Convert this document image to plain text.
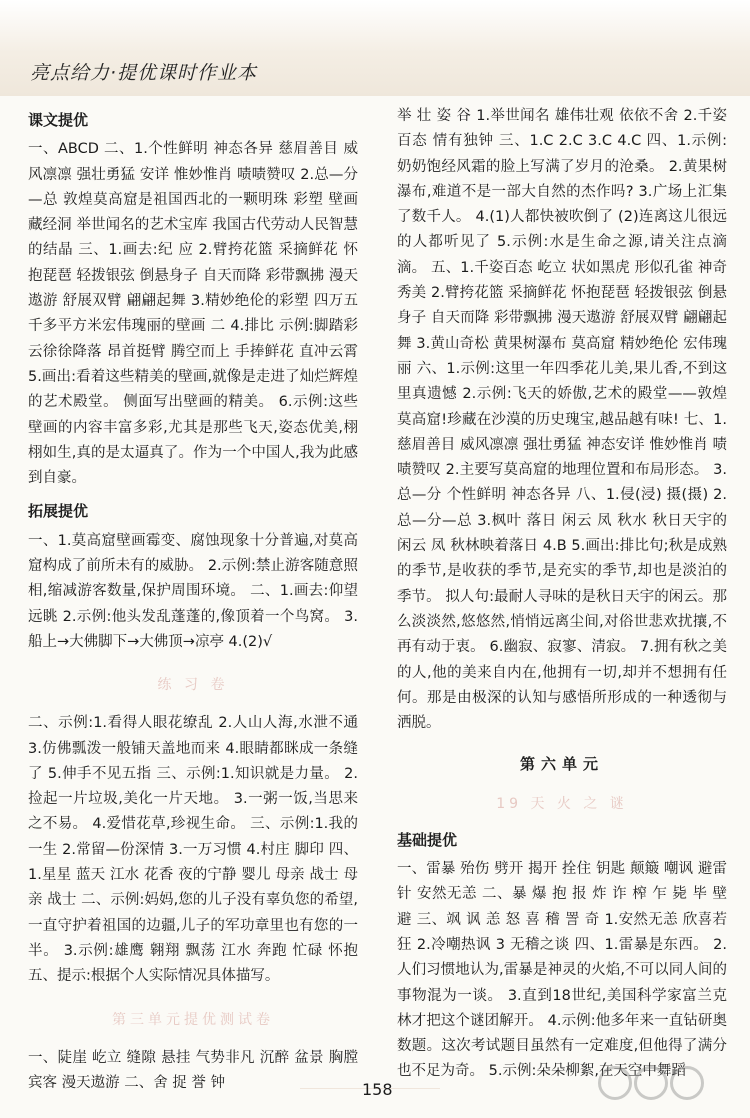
亮点给力·提优课时作业本
课文提优

一、ABCD 二、1.个性鲜明 神态各异 慈眉善目 威风凛凛 强壮勇猛 安详 惟妙惟肖 啧啧赞叹 2.总—分—总 敦煌莫高窟是祖国西北的一颗明珠 彩塑 壁画 藏经洞 举世闻名的艺术宝库 我国古代劳动人民智慧的结晶 三、1.画去:纪 应 2.臂挎花篮 采摘鲜花 怀抱琵琶 轻拨银弦 倒悬身子 自天而降 彩带飘拂 漫天遨游 舒展双臂 翩翩起舞 3.精妙绝伦的彩塑 四万五千多平方米宏伟瑰丽的壁画 二 4.排比 示例:脚踏彩云徐徐降落 昂首挺臂 腾空而上 手捧鲜花 直冲云霄 5.画出:看着这些精美的壁画,就像是走进了灿烂辉煌的艺术殿堂。 侧面写出壁画的精美。 6.示例:这些壁画的内容丰富多彩,尤其是那些飞天,姿态优美,栩栩如生,真的是太逼真了。作为一个中国人,我为此感到自豪。

拓展提优

一、1.莫高窟壁画霉变、腐蚀现象十分普遍,对莫高窟构成了前所未有的威胁。 2.示例:禁止游客随意照相,缩减游客数量,保护周围环境。 二、1.画去:仰望 远眺 2.示例:他头发乱蓬蓬的,像顶着一个鸟窝。 3.船上→大佛脚下→大佛顶→凉亭 4.(2)√

练 习 卷

二、示例:1.看得人眼花缭乱 2.人山人海,水泄不通 3.仿佛瓢泼一般铺天盖地而来 4.眼睛都眯成一条缝了 5.伸手不见五指 三、示例:1.知识就是力量。 2.捡起一片垃圾,美化一片天地。 3.一粥一饭,当思来之不易。 4.爱惜花草,珍视生命。 三、示例:1.我的一生 2.常留—份深情 3.一万习惯 4.村庄 脚印 四、1.星星 蓝天 江水 花香 夜的宁静 婴儿 母亲 战士 母亲 战士 二、示例:妈妈,您的儿子没有辜负您的希望,一直守护着祖国的边疆,儿子的军功章里也有您的一半。 3.示例:雄鹰 翱翔 飘荡 江水 奔跑 忙碌 怀抱 五、提示:根据个人实际情况具体描写。

第三单元提优测试卷

一、陡崖 屹立 缝隙 悬挂 气势非凡 沉醉 盆景 胸膛 宾客 漫天遨游 二、舍 捉 誉 钟

举 壮 姿 谷 1.举世闻名 雄伟壮观 依依不舍 2.千姿百态 情有独钟 三、1.C 2.C 3.C 4.C 四、1.示例:奶奶饱经风霜的脸上写满了岁月的沧桑。 2.黄果树瀑布,难道不是一部大自然的杰作吗? 3.广场上汇集了数千人。 4.(1)人都快被吹倒了 (2)连离这儿很远的人都听见了 5.示例:水是生命之源,请关注点滴滴。 五、1.千姿百态 屹立 状如黑虎 形似孔雀 神奇 秀美 2.臂挎花篮 采摘鲜花 怀抱琵琶 轻拨银弦 倒悬身子 自天而降 彩带飘拂 漫天遨游 舒展双臂 翩翩起舞 3.黄山奇松 黄果树瀑布 莫高窟 精妙绝伦 宏伟瑰丽 六、1.示例:这里一年四季花儿美,果儿香,不到这里真遗憾 2.示例:飞天的娇傲,艺术的殿堂——敦煌莫高窟!珍藏在沙漠的历史瑰宝,越品越有味! 七、1.慈眉善目 威风凛凛 强壮勇猛 神态安详 惟妙惟肖 啧啧赞叹 2.主要写莫高窟的地理位置和布局形态。 3.总—分 个性鲜明 神态各异 八、1.侵(浸) 摄(摄) 2.总—分—总 3.枫叶 落日 闲云 凤 秋水 秋日天宇的闲云 凤 秋林映着落日 4.B 5.画出:排比句;秋是成熟的季节,是收获的季节,是充实的季节,却也是淡泊的季节。 拟人句:最耐人寻味的是秋日天宇的闲云。那么淡淡然,悠悠然,悄悄远离尘间,对俗世悲欢扰攘,不再有动于衷。 6.幽寂、寂寥、清寂。 7.拥有秋之美的人,他的美来自内在,他拥有一切,却并不想拥有任何。那是由极深的认知与感悟所形成的一种透彻与洒脱。

第六单元
19 天 火 之 谜
基础提优

一、雷暴 殆伤 劈开 揭开 拴住 钥匙 颠簸 嘲讽 避雷针 安然无恙 二、暴 爆 抱 报 炸 诈 榨 乍 毙 毕 壁 避 三、飒 讽 恙 怒 喜 稽 詈 奇 1.安然无恙 欣喜若狂 2.冷嘲热讽 3 无稽之谈 四、1.雷暴是东西。 2.人们习惯地认为,雷暴是神灵的火焰,不可以同人间的事物混为一谈。 3.直到18世纪,美国科学家富兰克林才把这个谜团解开。 4.示例:他多年来一直钻研奥数题。这次考试题目虽然有一定难度,但他得了满分也不足为奇。 5.示例:朵朵柳絮,在天空中舞蹈

158
